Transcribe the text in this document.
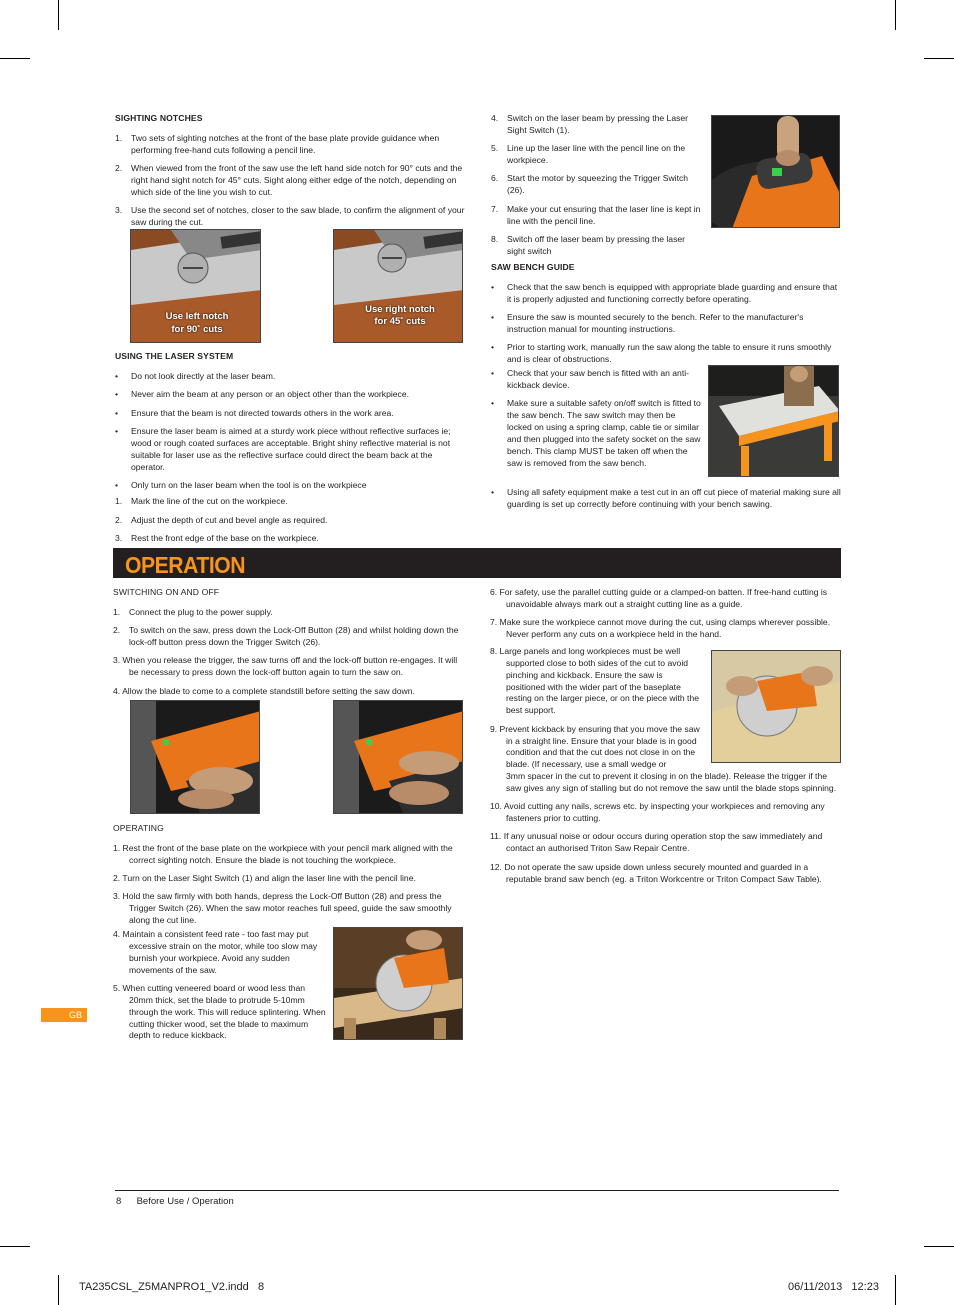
SIGHTING NOTCHES
1.	Two sets of sighting notches at the front of the base plate provide guidance when performing free-hand cuts following a pencil line.
2.	When viewed from the front of the saw use the left hand side notch for 90° cuts and the right hand sight notch for 45° cuts. Sight along either edge of the notch, depending on which side of the line you wish to cut.
3.	Use the second set of notches, closer to the saw blade, to confirm the alignment of your saw during the cut.
Use left notch
for 90˚ cuts
Use right notch
for 45˚ cuts
USING THE LASER SYSTEM
•	Do not look directly at the laser beam.
•	Never aim the beam at any person or an object other than the workpiece.
•	Ensure that the beam is not directed towards others in the work area.
•	Ensure the laser beam is aimed at a sturdy work piece without reflective surfaces ie; wood or rough coated surfaces are acceptable. Bright shiny reflective material is not suitable for laser use as the reflective surface could direct the beam back at the operator.
•	Only turn on the laser beam when the tool is on the workpiece
1.	Mark the line of the cut on the workpiece.
2.	Adjust the depth of cut and bevel angle as required.
3.	Rest the front edge of the base on the workpiece.
4.	Switch on the laser beam by pressing the Laser Sight Switch (1).
5.	Line up the laser line with the pencil line on the workpiece.
6.	Start the motor by squeezing the Trigger Switch (26).
7.	Make your cut ensuring that the laser line is kept in line with the pencil line.
8.	Switch off the laser beam by pressing the laser sight switch
SAW BENCH GUIDE
•	Check that the saw bench is equipped with appropriate blade guarding and ensure that it is properly adjusted and functioning correctly before operating.
•	Ensure the saw is mounted securely to the bench. Refer to the manufacturer's instruction manual for mounting instructions.
•	Prior to starting work, manually run the saw along the table to ensure it runs smoothly and is clear of obstructions.
•	Check that your saw bench is fitted with an anti-kickback device.
•	Make sure a suitable safety on/off switch is fitted to the saw bench. The saw switch may then be locked on using a spring clamp, cable tie or similar and then plugged into the safety socket on the saw bench. This clamp MUST be taken off when the saw is removed from the saw bench.
•	Using all safety equipment make a test cut in an off cut piece of material making sure all guarding is set up correctly before continuing with your bench sawing.
OPERATION
SWITCHING ON AND OFF
1.	Connect the plug to the power supply.
2.	To switch on the saw, press down the Lock-Off Button (28) and whilst holding down the lock-off button press down the Trigger Switch (26).
3. When you release the trigger, the saw turns off and the lock-off button re-engages. It will be necessary to press down the lock-off button again to turn the saw on.
4. Allow the blade to come to a complete standstill before setting the saw down.
OPERATING
1. Rest the front of the base plate on the workpiece with your pencil mark aligned with the correct sighting notch. Ensure the blade is not touching the workpiece.
2. Turn on the Laser Sight Switch (1) and align the laser line with the pencil line.
3. Hold the saw firmly with both hands, depress the Lock-Off Button (28) and press the Trigger Switch (26). When the saw motor reaches full speed, guide the saw smoothly along the cut line.
4. Maintain a consistent feed rate - too fast may put excessive strain on the motor, while too slow may burnish your workpiece. Avoid any sudden movements of the saw.
5. When cutting veneered board or wood less than 20mm thick, set the blade to protrude 5-10mm through the work. This will reduce splintering. When cutting thicker wood, set the blade to maximum depth to reduce kickback.
6. For safety, use the parallel cutting guide or a clamped-on batten. If free-hand cutting is unavoidable always mark out a straight cutting line as a guide.
7. Make sure the workpiece cannot move during the cut, using clamps wherever possible. Never perform any cuts on a workpiece held in the hand.
8. Large panels and long workpieces must be well supported close to both sides of the cut to avoid pinching and kickback. Ensure the saw is positioned with the wider part of the baseplate resting on the larger piece, or on the piece with the best support.
9. Prevent kickback by ensuring that you move the saw in a straight line. Ensure that your blade is in good condition and that the cut does not close in on the blade. (If necessary, use a small wedge or
3mm spacer in the cut to prevent it closing in on the blade). Release the trigger if the saw gives any sign of stalling but do not remove the saw until the blade stops spinning.
10. Avoid cutting any nails, screws etc. by inspecting your workpieces and removing any fasteners prior to cutting.
11. If any unusual noise or odour occurs during operation stop the saw immediately and contact an authorised Triton Saw Repair Centre.
12. Do not operate the saw upside down unless securely mounted and guarded in a reputable brand saw bench (eg. a Triton Workcentre or Triton Compact Saw Table).
GB
8 Before Use / Operation
TA235CSL_Z5MANPRO1_V2.indd   8	06/11/2013   12:23
